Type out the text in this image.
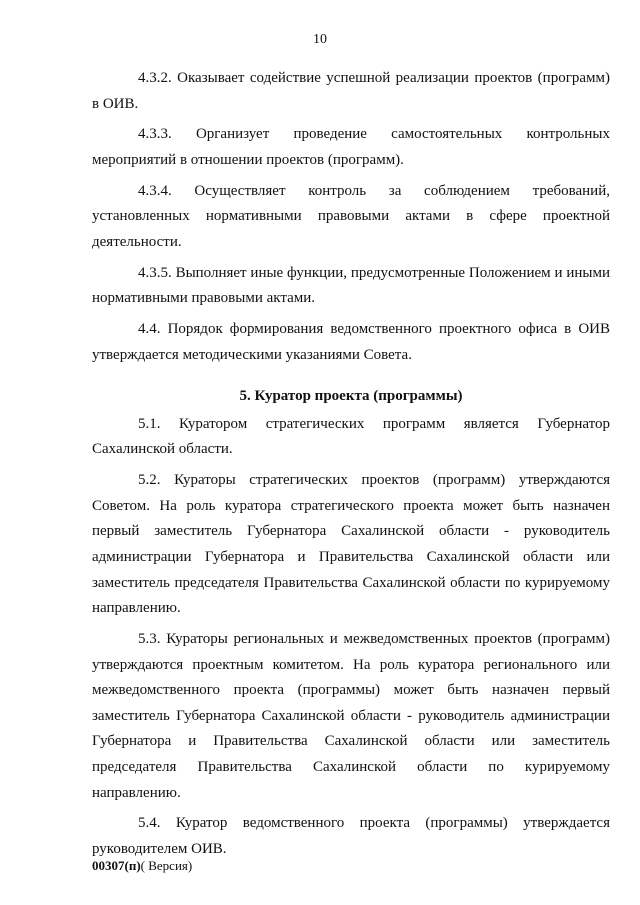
10

4.3.2. Оказывает содействие успешной реализации проектов (программ) в ОИВ.

4.3.3. Организует проведение самостоятельных контрольных мероприятий в отношении проектов (программ).

4.3.4. Осуществляет контроль за соблюдением требований, установленных нормативными правовыми актами в сфере проектной деятельности.

4.3.5. Выполняет иные функции, предусмотренные Положением и иными нормативными правовыми актами.

4.4. Порядок формирования ведомственного проектного офиса в ОИВ утверждается методическими указаниями Совета.

5. Куратор проекта (программы)

5.1. Куратором стратегических программ является Губернатор Сахалинской области.

5.2. Кураторы стратегических проектов (программ) утверждаются Советом. На роль куратора стратегического проекта может быть назначен первый заместитель Губернатора Сахалинской области - руководитель администрации Губернатора и Правительства Сахалинской области или заместитель председателя Правительства Сахалинской области по курируемому направлению.

5.3. Кураторы региональных и межведомственных проектов (программ) утверждаются проектным комитетом. На роль куратора регионального или межведомственного проекта (программы) может быть назначен первый заместитель Губернатора Сахалинской области - руководитель администрации Губернатора и Правительства Сахалинской области или заместитель председателя Правительства Сахалинской области по курируемому направлению.

5.4. Куратор ведомственного проекта (программы) утверждается руководителем ОИВ.

00307(п)( Версия)
